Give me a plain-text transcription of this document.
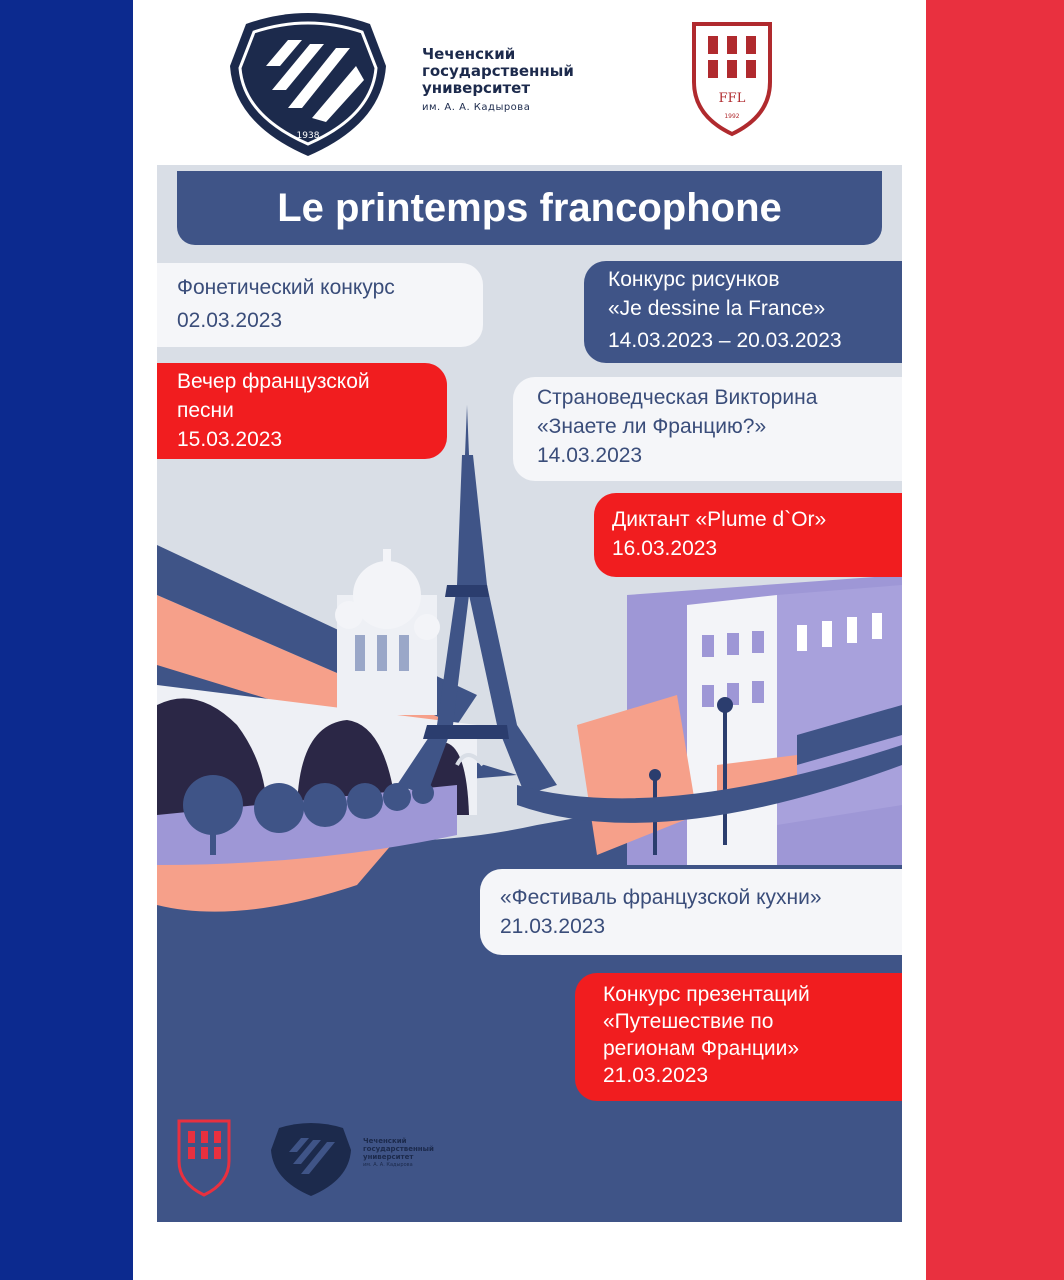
1938
Чеченский
государственный
университет
им. А. А. Кадырова
FFL
1992
Le printemps francophone
Фонетический конкурс
02.03.2023
Конкурс рисунков
«Je dessine la France»
14.03.2023 – 20.03.2023
Вечер французской
песни
15.03.2023
Страноведческая Викторина
«Знаете ли Францию?»
14.03.2023
Диктант «Plume d`Or»
16.03.2023
«Фестиваль французской кухни»
21.03.2023
Конкурс презентаций
«Путешествие по
регионам Франции»
21.03.2023
Чеченский
государственный
университет
им. А. А. Кадырова
